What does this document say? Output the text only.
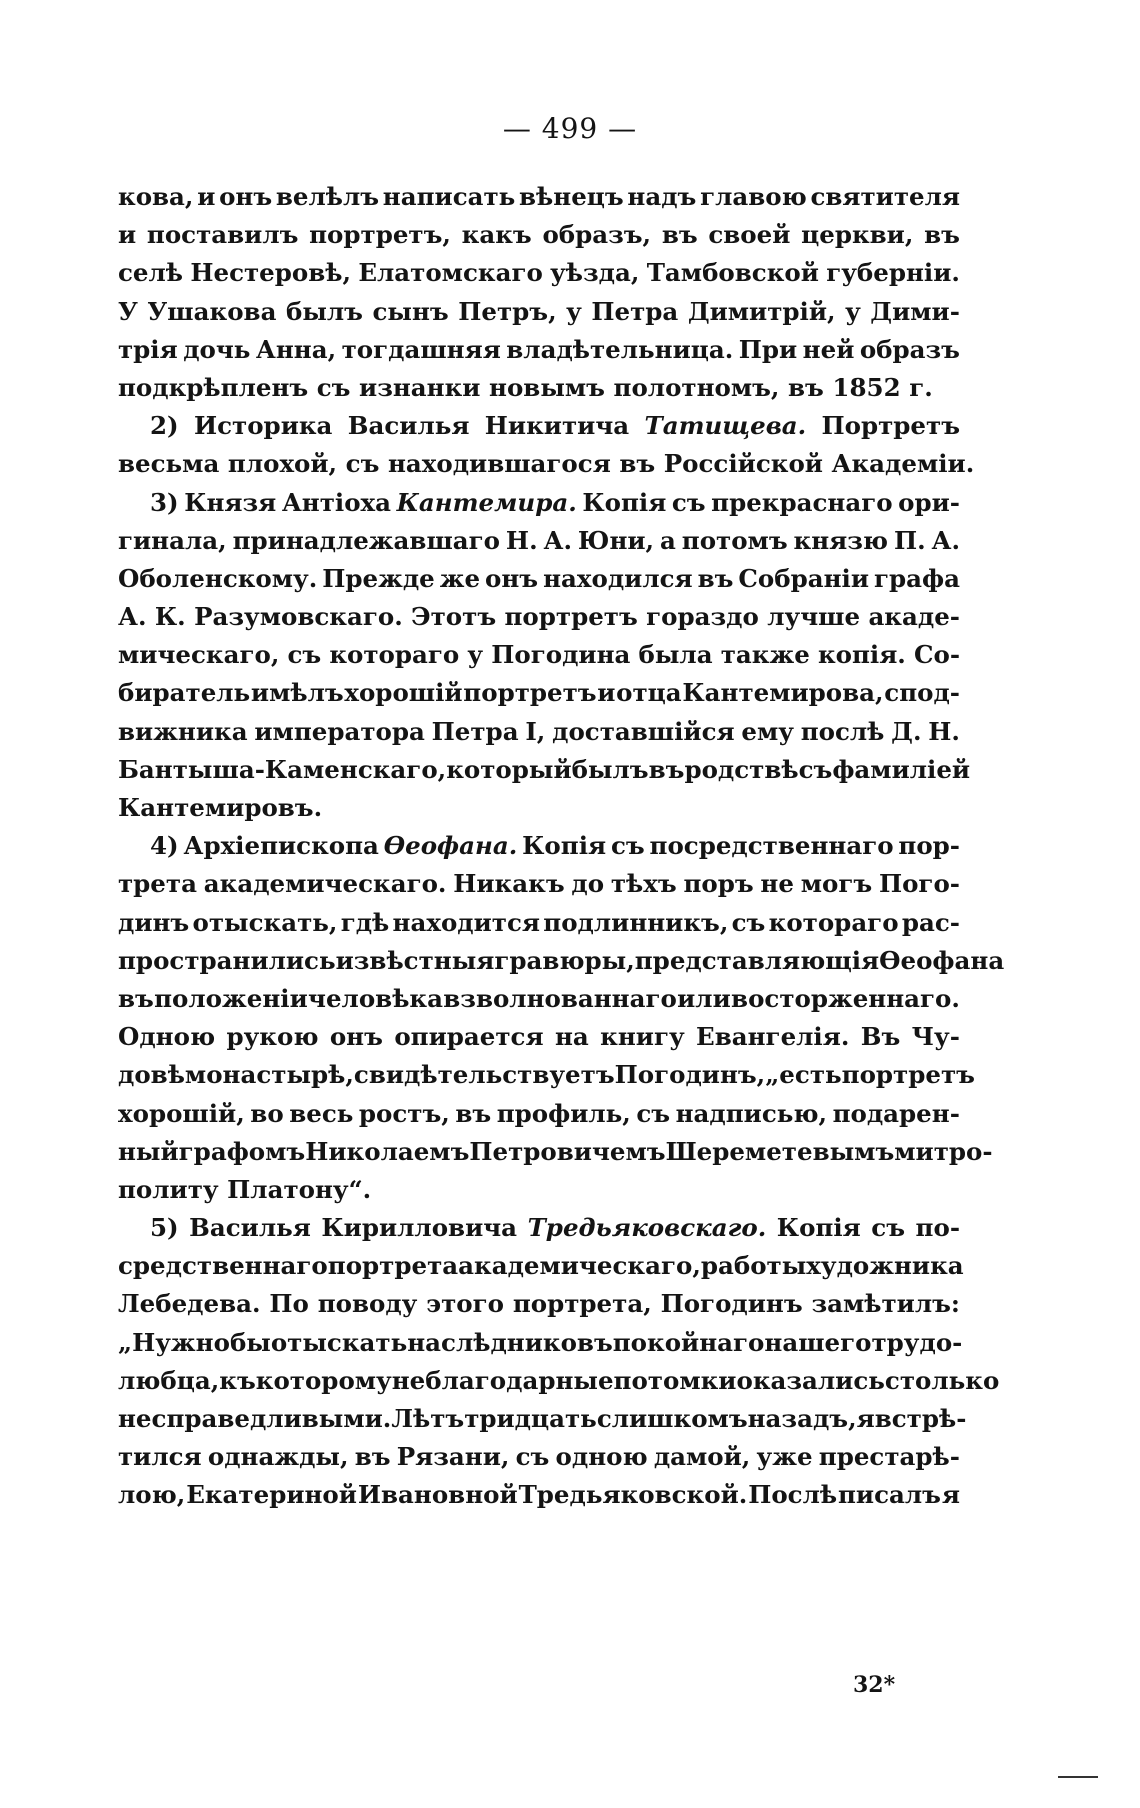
— 499 —
кова, и онъ велѣлъ написать вѣнецъ надъ главою святителя
и поставилъ портретъ, какъ образъ, въ своей церкви, въ
селѣ Нестеровѣ, Елатомскаго уѣзда, Тамбовской губерніи.
У Ушакова былъ сынъ Петръ, у Петра Димитрій, у Дими-
трія дочь Анна, тогдашняя владѣтельница. При ней образъ
подкрѣпленъ съ изнанки новымъ полотномъ, въ 1852 г.
2) Историка Василья Никитича Татищева. Портретъ
весьма плохой, съ находившагося въ Россійской Академіи.
3) Князя Антіоха Кантемира. Копія съ прекраснаго ори-
гинала, принадлежавшаго Н. А. Юни, а потомъ князю П. А.
Оболенскому. Прежде же онъ находился въ Собраніи графа
А. К. Разумовскаго. Этотъ портретъ гораздо лучше акаде-
мическаго, съ котораго у Погодина была также копія. Со-
биратель имѣлъ хорошій портретъ и отца Кантемирова, спод-
вижника императора Петра I, доставшійся ему послѣ Д. Н.
Бантыша-Каменскаго, который былъ въ родствѣ съ фамиліей
Кантемировъ.
4) Архіепископа Ѳеофана. Копія съ посредственнаго пор-
трета академическаго. Никакъ до тѣхъ поръ не могъ Пого-
динъ отыскать, гдѣ находится подлинникъ, съ котораго рас-
пространились извѣстныя гравюры, представляющія Ѳеофана
въ положеніи человѣка взволнованнаго или восторженнаго.
Одною рукою онъ опирается на книгу Евангелія. Въ Чу-
довѣ монастырѣ, свидѣтельствуетъ Погодинъ, „есть портретъ
хорошій, во весь ростъ, въ профиль, съ надписью, подарен-
ный графомъ Николаемъ Петровичемъ Шереметевымъ митро-
политу Платону“.
5) Василья Кирилловича Тредьяковскаго. Копія съ по-
средственнаго портрета академическаго, работы художника
Лебедева. По поводу этого портрета, Погодинъ замѣтилъ:
„Нужно бы отыскать наслѣдниковъ покойнаго нашего трудо-
любца, къ которому неблагодарные потомки оказались столько
несправедливыми. Лѣтъ тридцать слишкомъ назадъ, я встрѣ-
тился однажды, въ Рязани, съ одною дамой, уже престарѣ-
лою, Екатериной Ивановной Тредьяковской. Послѣ писалъ я
32*
